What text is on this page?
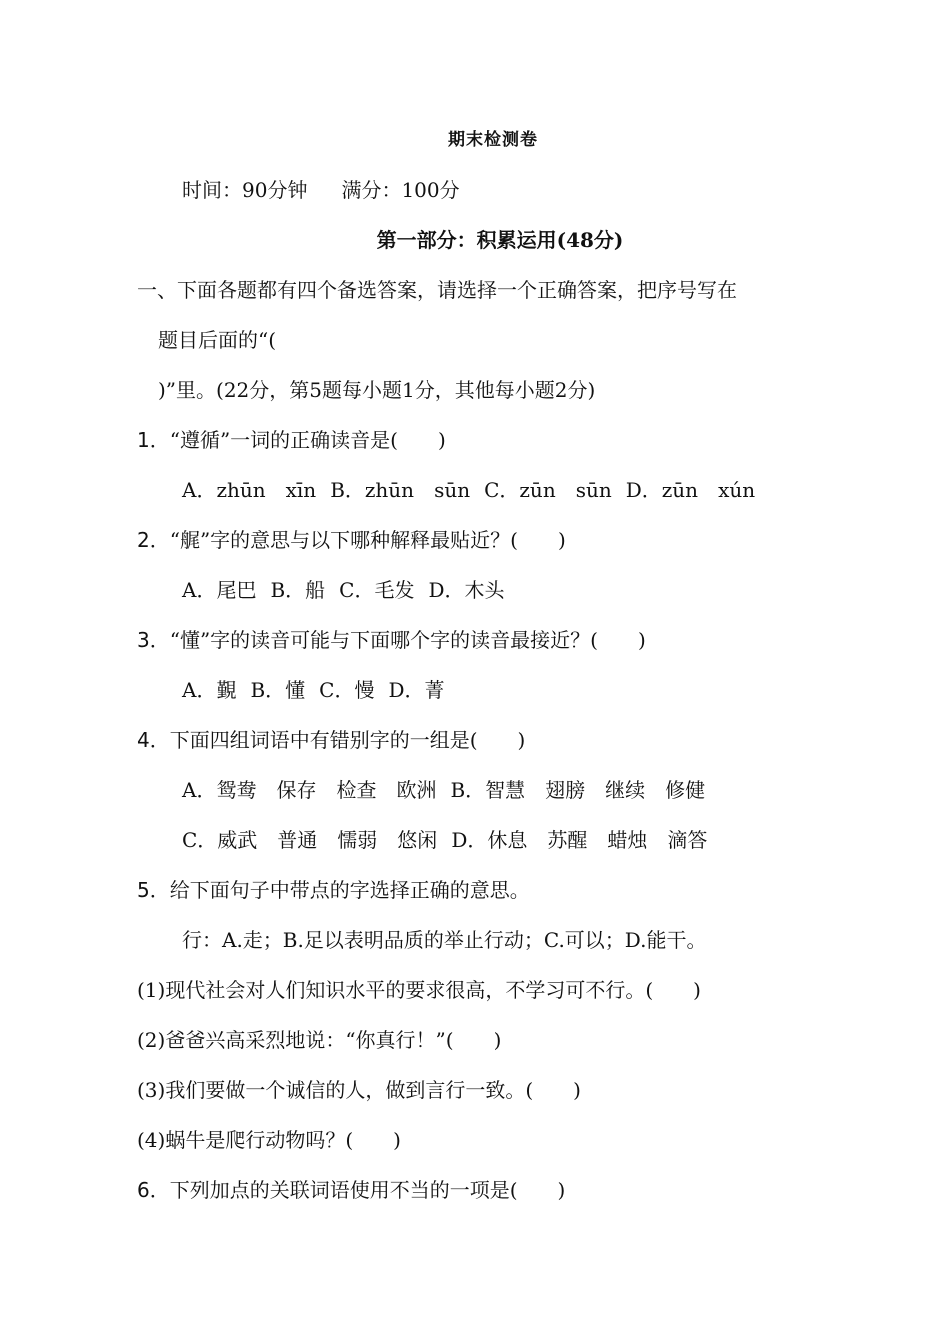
期末检测卷
时间：90分钟 满分：100分
第一部分：积累运用(48分)
一、下面各题都有四个备选答案，请选择一个正确答案，把序号写在
题目后面的“(
)”里。(22分，第5题每小题1分，其他每小题2分)
1．“遵循”一词的正确读音是(　　)
A．zhūn　xīn B．zhūn　sūn C．zūn　sūn D．zūn　xún
2．“艉”字的意思与以下哪种解释最贴近？(　　)
A．尾巴 B．船 C．毛发 D．木头
3．“懂”字的读音可能与下面哪个字的读音最接近？(　　)
A．覲 B．懂 C．慢 D．菁
4．下面四组词语中有错别字的一组是(　　)
A．鸳鸯　保存　检查　欧洲 B．智慧　翅膀　继续　修健
C．威武　普通　懦弱　悠闲 D．休息　苏醒　蜡烛　滴答
5．给下面句子中带点的字选择正确的意思。
行：A.走；B.足以表明品质的举止行动；C.可以；D.能干。
(1)现代社会对人们知识水平的要求很高，不学习可不行。(　　)
(2)爸爸兴高采烈地说：“你真行！”(　　)
(3)我们要做一个诚信的人，做到言行一致。(　　)
(4)蜗牛是爬行动物吗？(　　)
6．下列加点的关联词语使用不当的一项是(　　)
